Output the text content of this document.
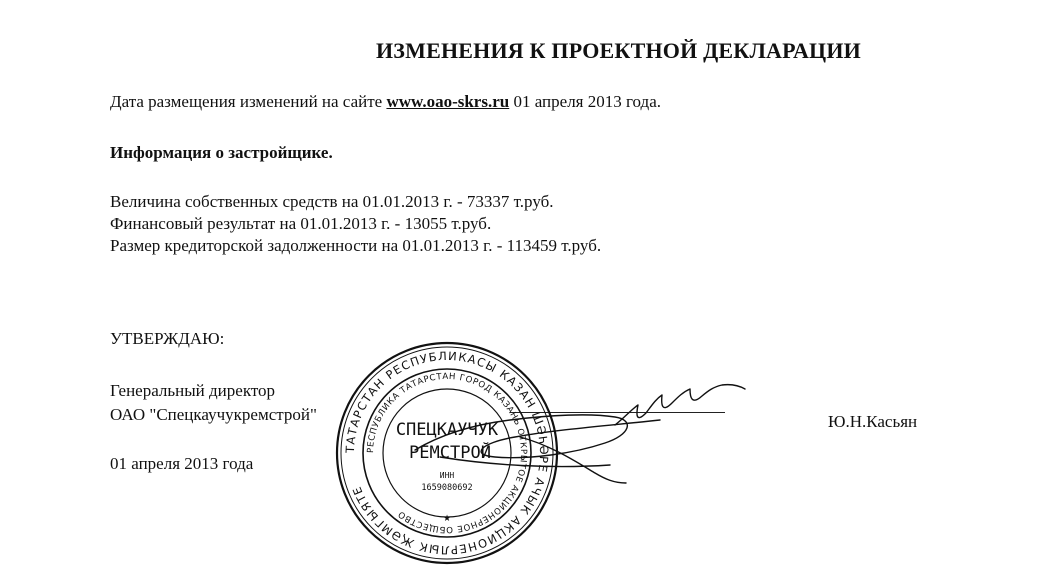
ИЗМЕНЕНИЯ К ПРОЕКТНОЙ ДЕКЛАРАЦИИ
Дата размещения изменений на сайте www.oao-skrs.ru 01 апреля 2013 года.
Информация о застройщике.
Величина собственных средств на 01.01.2013 г. - 73337 т.руб.
Финансовый результат на 01.01.2013 г. - 13055 т.руб.
Размер кредиторской задолженности на 01.01.2013 г. - 113459 т.руб.
УТВЕРЖДАЮ:
Генеральный директор
ОАО "Спецкаучукремстрой"
01 апреля 2013 года
Ю.Н.Касьян
ТАТАРСТАН РЕСПУБЛИКАСЫ КАЗАН ШӘҺӘРЕ АЧЫК АКЦИОНЕРЛЫК ҖӘМГЫЯТЕ
РЕСПУБЛИКА ТАТАРСТАН ГОРОД КАЗАНЬ ОТКРЫТОЕ АКЦИОНЕРНОЕ ОБЩЕСТВО
СПЕЦКАУЧУК
РЕМСТРОЙ
ИНН
1659080692
★
